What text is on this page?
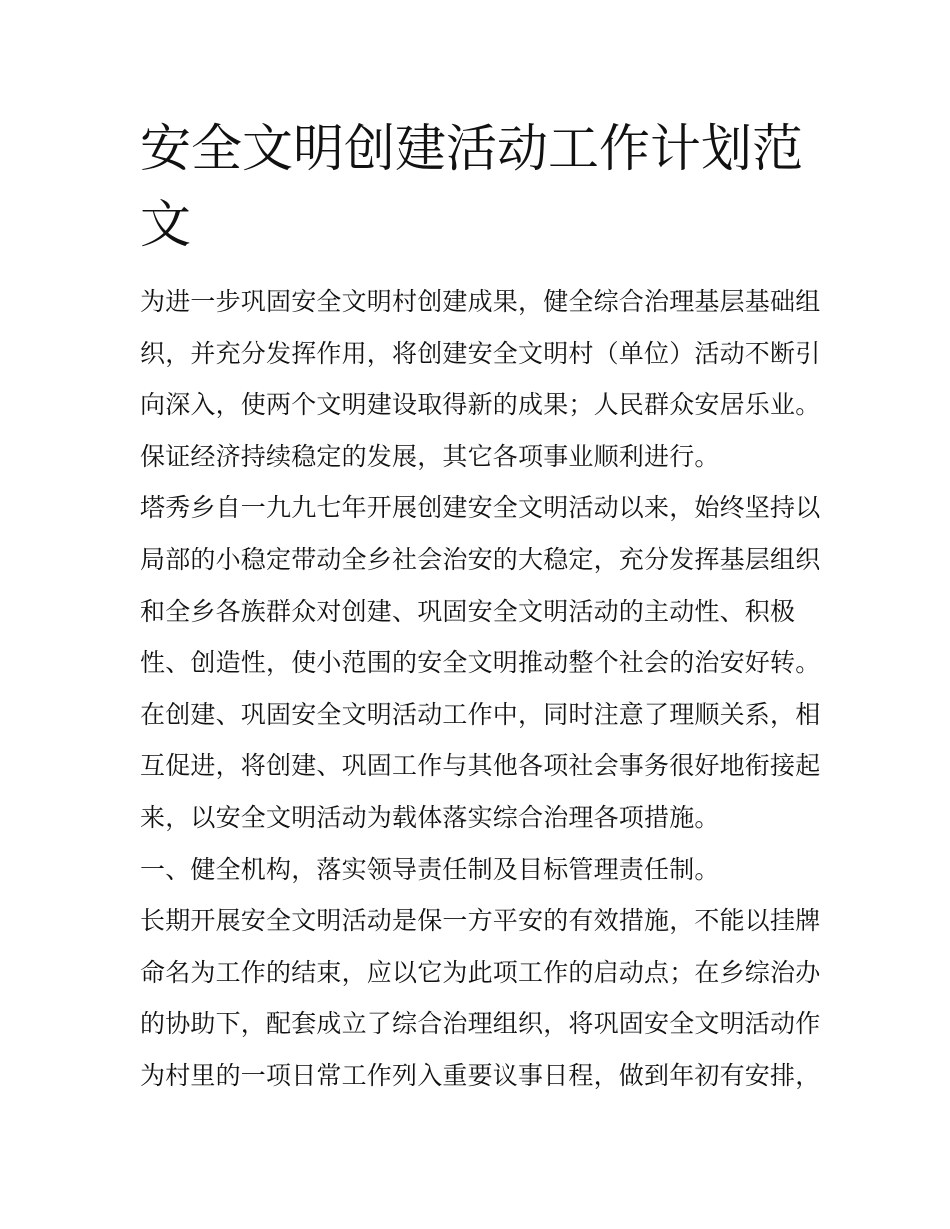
安全文明创建活动工作计划范
文
为进一步巩固安全文明村创建成果，健全综合治理基层基础组
织，并充分发挥作用，将创建安全文明村（单位）活动不断引
向深入，使两个文明建设取得新的成果；人民群众安居乐业。
保证经济持续稳定的发展，其它各项事业顺利进行。
塔秀乡自一九九七年开展创建安全文明活动以来，始终坚持以
局部的小稳定带动全乡社会治安的大稳定，充分发挥基层组织
和全乡各族群众对创建、巩固安全文明活动的主动性、积极
性、创造性，使小范围的安全文明推动整个社会的治安好转。
在创建、巩固安全文明活动工作中，同时注意了理顺关系，相
互促进，将创建、巩固工作与其他各项社会事务很好地衔接起
来，以安全文明活动为载体落实综合治理各项措施。
一、健全机构，落实领导责任制及目标管理责任制。
长期开展安全文明活动是保一方平安的有效措施，不能以挂牌
命名为工作的结束，应以它为此项工作的启动点；在乡综治办
的协助下，配套成立了综合治理组织，将巩固安全文明活动作
为村里的一项日常工作列入重要议事日程，做到年初有安排，
